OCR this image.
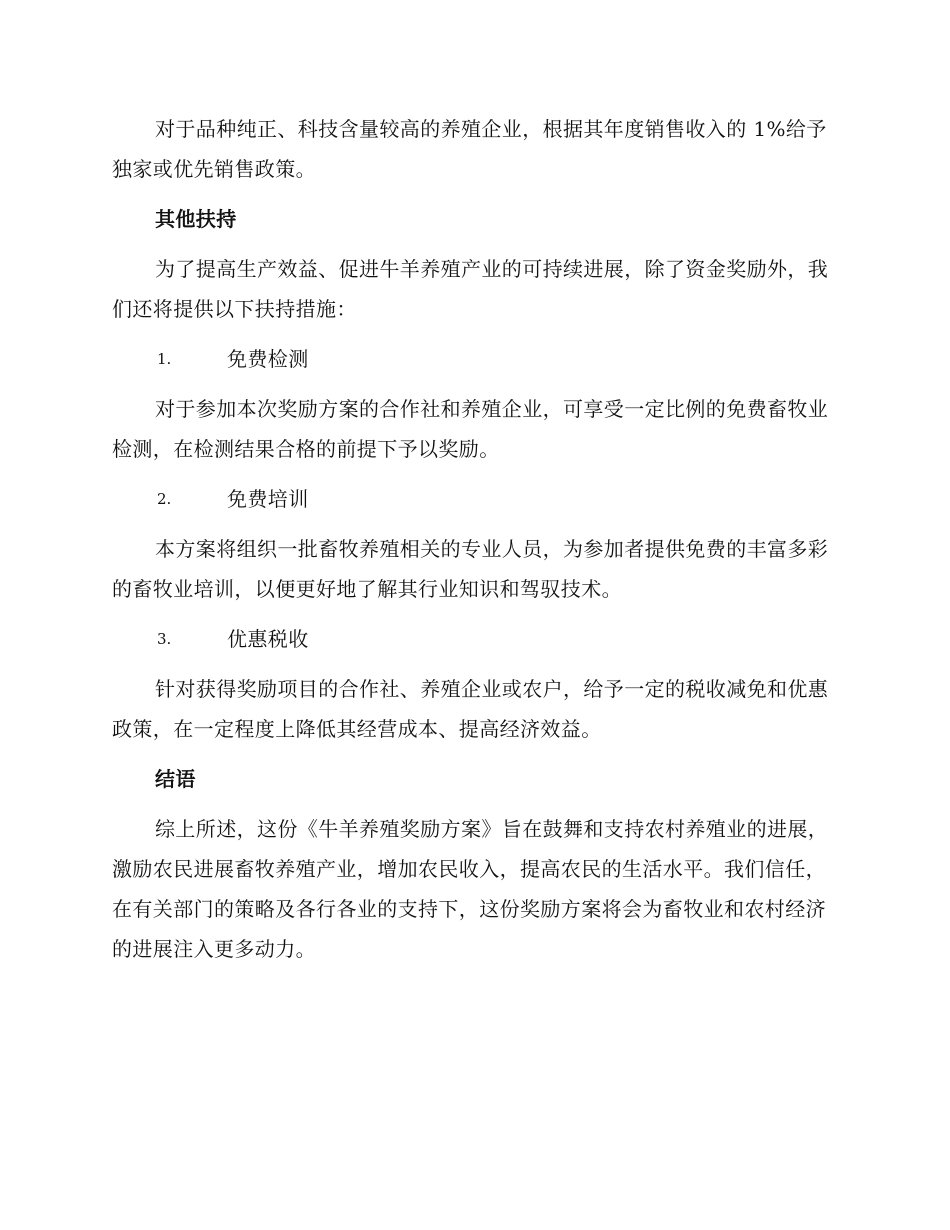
对于品种纯正、科技含量较高的养殖企业，根据其年度销售收入的 1%给予独家或优先销售政策。

其他扶持

为了提高生产效益、促进牛羊养殖产业的可持续进展，除了资金奖励外，我们还将提供以下扶持措施：

1.	免费检测

对于参加本次奖励方案的合作社和养殖企业，可享受一定比例的免费畜牧业检测，在检测结果合格的前提下予以奖励。

2.	免费培训

本方案将组织一批畜牧养殖相关的专业人员，为参加者提供免费的丰富多彩的畜牧业培训，以便更好地了解其行业知识和驾驭技术。

3.	优惠税收

针对获得奖励项目的合作社、养殖企业或农户，给予一定的税收减免和优惠政策，在一定程度上降低其经营成本、提高经济效益。

结语

综上所述，这份《牛羊养殖奖励方案》旨在鼓舞和支持农村养殖业的进展，激励农民进展畜牧养殖产业，增加农民收入，提高农民的生活水平。我们信任，在有关部门的策略及各行各业的支持下，这份奖励方案将会为畜牧业和农村经济的进展注入更多动力。
